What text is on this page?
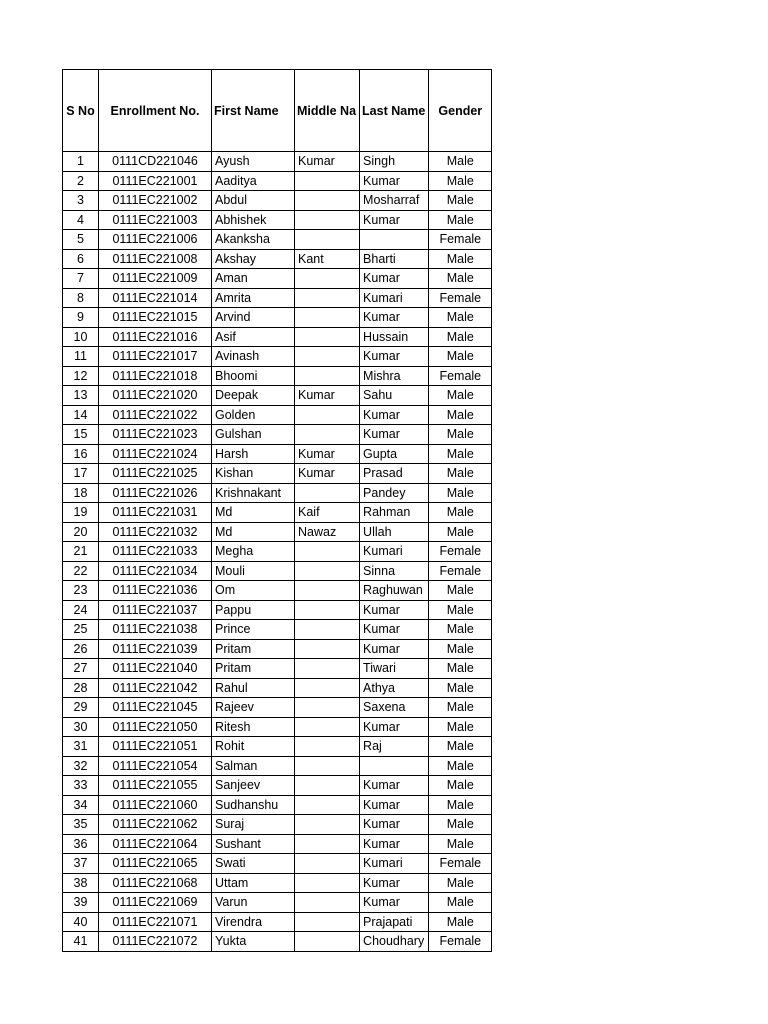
S No	Enrollment No.	First Name	Middle Na	Last Name	Gender
1	0111CD221046	Ayush	Kumar	Singh	Male
2	0111EC221001	Aaditya		Kumar	Male
3	0111EC221002	Abdul		Mosharraf	Male
4	0111EC221003	Abhishek		Kumar	Male
5	0111EC221006	Akanksha			Female
6	0111EC221008	Akshay	Kant	Bharti	Male
7	0111EC221009	Aman		Kumar	Male
8	0111EC221014	Amrita		Kumari	Female
9	0111EC221015	Arvind		Kumar	Male
10	0111EC221016	Asif		Hussain	Male
11	0111EC221017	Avinash		Kumar	Male
12	0111EC221018	Bhoomi		Mishra	Female
13	0111EC221020	Deepak	Kumar	Sahu	Male
14	0111EC221022	Golden		Kumar	Male
15	0111EC221023	Gulshan		Kumar	Male
16	0111EC221024	Harsh	Kumar	Gupta	Male
17	0111EC221025	Kishan	Kumar	Prasad	Male
18	0111EC221026	Krishnakant		Pandey	Male
19	0111EC221031	Md	Kaif	Rahman	Male
20	0111EC221032	Md	Nawaz	Ullah	Male
21	0111EC221033	Megha		Kumari	Female
22	0111EC221034	Mouli		Sinna	Female
23	0111EC221036	Om		Raghuwan	Male
24	0111EC221037	Pappu		Kumar	Male
25	0111EC221038	Prince		Kumar	Male
26	0111EC221039	Pritam		Kumar	Male
27	0111EC221040	Pritam		Tiwari	Male
28	0111EC221042	Rahul		Athya	Male
29	0111EC221045	Rajeev		Saxena	Male
30	0111EC221050	Ritesh		Kumar	Male
31	0111EC221051	Rohit		Raj	Male
32	0111EC221054	Salman			Male
33	0111EC221055	Sanjeev		Kumar	Male
34	0111EC221060	Sudhanshu		Kumar	Male
35	0111EC221062	Suraj		Kumar	Male
36	0111EC221064	Sushant		Kumar	Male
37	0111EC221065	Swati		Kumari	Female
38	0111EC221068	Uttam		Kumar	Male
39	0111EC221069	Varun		Kumar	Male
40	0111EC221071	Virendra		Prajapati	Male
41	0111EC221072	Yukta		Choudhary	Female
